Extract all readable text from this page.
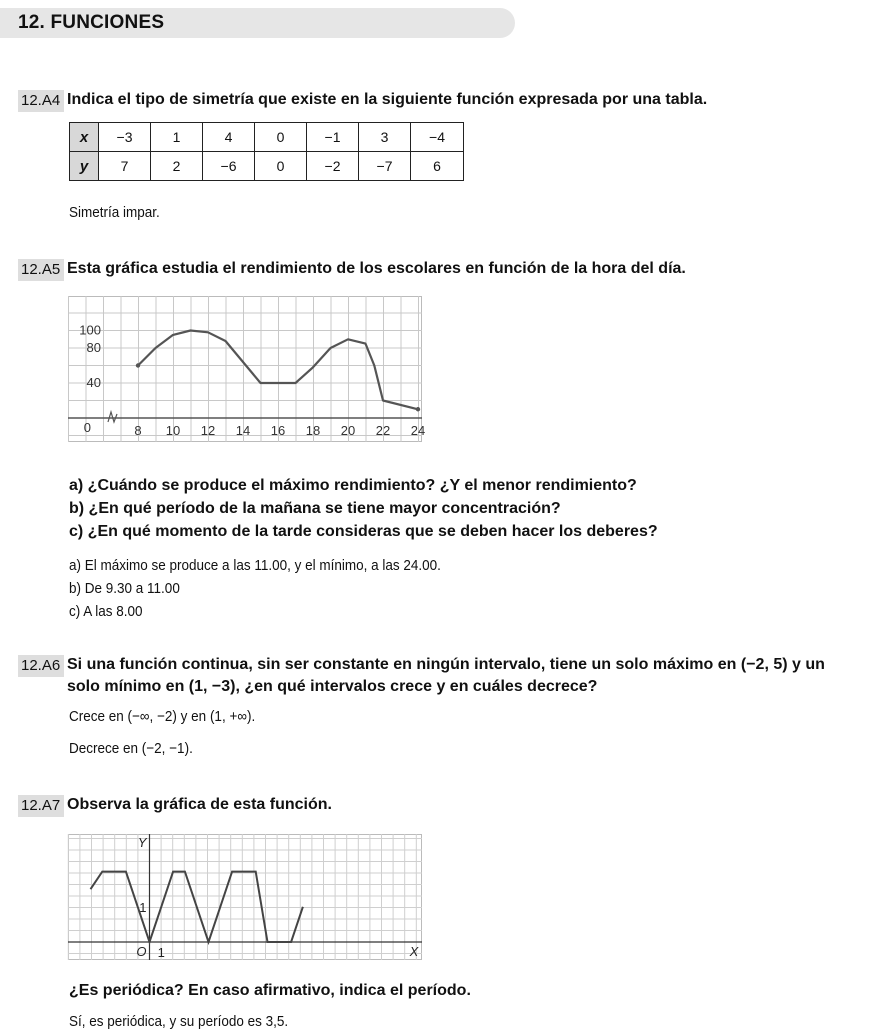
12. FUNCIONES
12.A4 Indica el tipo de simetría que existe en la siguiente función expresada por una tabla.
x	−3	1	4	0	−1	3	−4
y	7	2	−6	0	−2	−7	6
Simetría impar.
12.A5 Esta gráfica estudia el rendimiento de los escolares en función de la hora del día.
8 10 12 14 16 18 20 22 24
40
80
100
0
a) ¿Cuándo se produce el máximo rendimiento? ¿Y el menor rendimiento?
b) ¿En qué período de la mañana se tiene mayor concentración?
c) ¿En qué momento de la tarde consideras que se deben hacer los deberes?
a) El máximo se produce a las 11.00, y el mínimo, a las 24.00.
b) De 9.30 a 11.00
c) A las 8.00
12.A6 Si una función continua, sin ser constante en ningún intervalo, tiene un solo máximo en (−2, 5) y un
solo mínimo en (1, −3), ¿en qué intervalos crece y en cuáles decrece?
Crece en (−∞, −2) y en (1, +∞).
Decrece en (−2, −1).
12.A7 Observa la gráfica de esta función.
Y
X
O 1
1
¿Es periódica? En caso afirmativo, indica el período.
Sí, es periódica, y su período es 3,5.
